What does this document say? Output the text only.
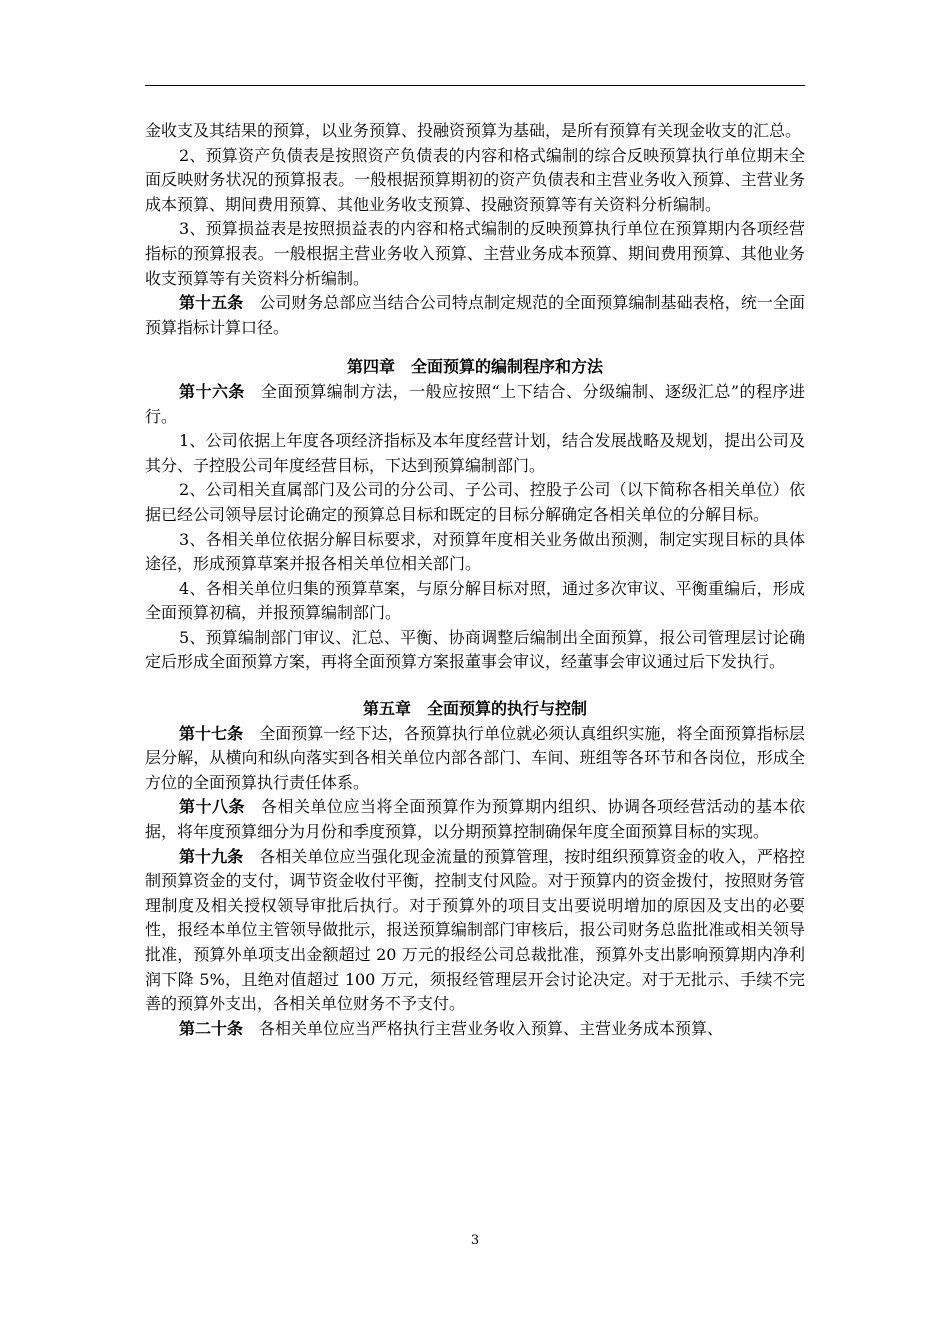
金收支及其结果的预算，以业务预算、投融资预算为基础，是所有预算有关现金收支的汇总。

2、预算资产负债表是按照资产负债表的内容和格式编制的综合反映预算执行单位期末全面反映财务状况的预算报表。一般根据预算期初的资产负债表和主营业务收入预算、主营业务成本预算、期间费用预算、其他业务收支预算、投融资预算等有关资料分析编制。

3、预算损益表是按照损益表的内容和格式编制的反映预算执行单位在预算期内各项经营指标的预算报表。一般根据主营业务收入预算、主营业务成本预算、期间费用预算、其他业务收支预算等有关资料分析编制。

第十五条 公司财务总部应当结合公司特点制定规范的全面预算编制基础表格，统一全面预算指标计算口径。

第四章 全面预算的编制程序和方法

第十六条 全面预算编制方法，一般应按照“上下结合、分级编制、逐级汇总”的程序进行。

1、公司依据上年度各项经济指标及本年度经营计划，结合发展战略及规划，提出公司及其分、子控股公司年度经营目标，下达到预算编制部门。

2、公司相关直属部门及公司的分公司、子公司、控股子公司（以下简称各相关单位）依据已经公司领导层讨论确定的预算总目标和既定的目标分解确定各相关单位的分解目标。

3、各相关单位依据分解目标要求，对预算年度相关业务做出预测，制定实现目标的具体途径，形成预算草案并报各相关单位相关部门。

4、各相关单位归集的预算草案，与原分解目标对照，通过多次审议、平衡重编后，形成全面预算初稿，并报预算编制部门。

5、预算编制部门审议、汇总、平衡、协商调整后编制出全面预算，报公司管理层讨论确定后形成全面预算方案，再将全面预算方案报董事会审议，经董事会审议通过后下发执行。

第五章 全面预算的执行与控制

第十七条 全面预算一经下达，各预算执行单位就必须认真组织实施，将全面预算指标层层分解，从横向和纵向落实到各相关单位内部各部门、车间、班组等各环节和各岗位，形成全方位的全面预算执行责任体系。

第十八条 各相关单位应当将全面预算作为预算期内组织、协调各项经营活动的基本依据，将年度预算细分为月份和季度预算，以分期预算控制确保年度全面预算目标的实现。

第十九条 各相关单位应当强化现金流量的预算管理，按时组织预算资金的收入，严格控制预算资金的支付，调节资金收付平衡，控制支付风险。对于预算内的资金拨付，按照财务管理制度及相关授权领导审批后执行。对于预算外的项目支出要说明增加的原因及支出的必要性，报经本单位主管领导做批示，报送预算编制部门审核后，报公司财务总监批准或相关领导批准，预算外单项支出金额超过 20 万元的报经公司总裁批准，预算外支出影响预算期内净利润下降 5%，且绝对值超过 100 万元，须报经管理层开会讨论决定。对于无批示、手续不完善的预算外支出，各相关单位财务不予支付。

第二十条 各相关单位应当严格执行主营业务收入预算、主营业务成本预算、

3
